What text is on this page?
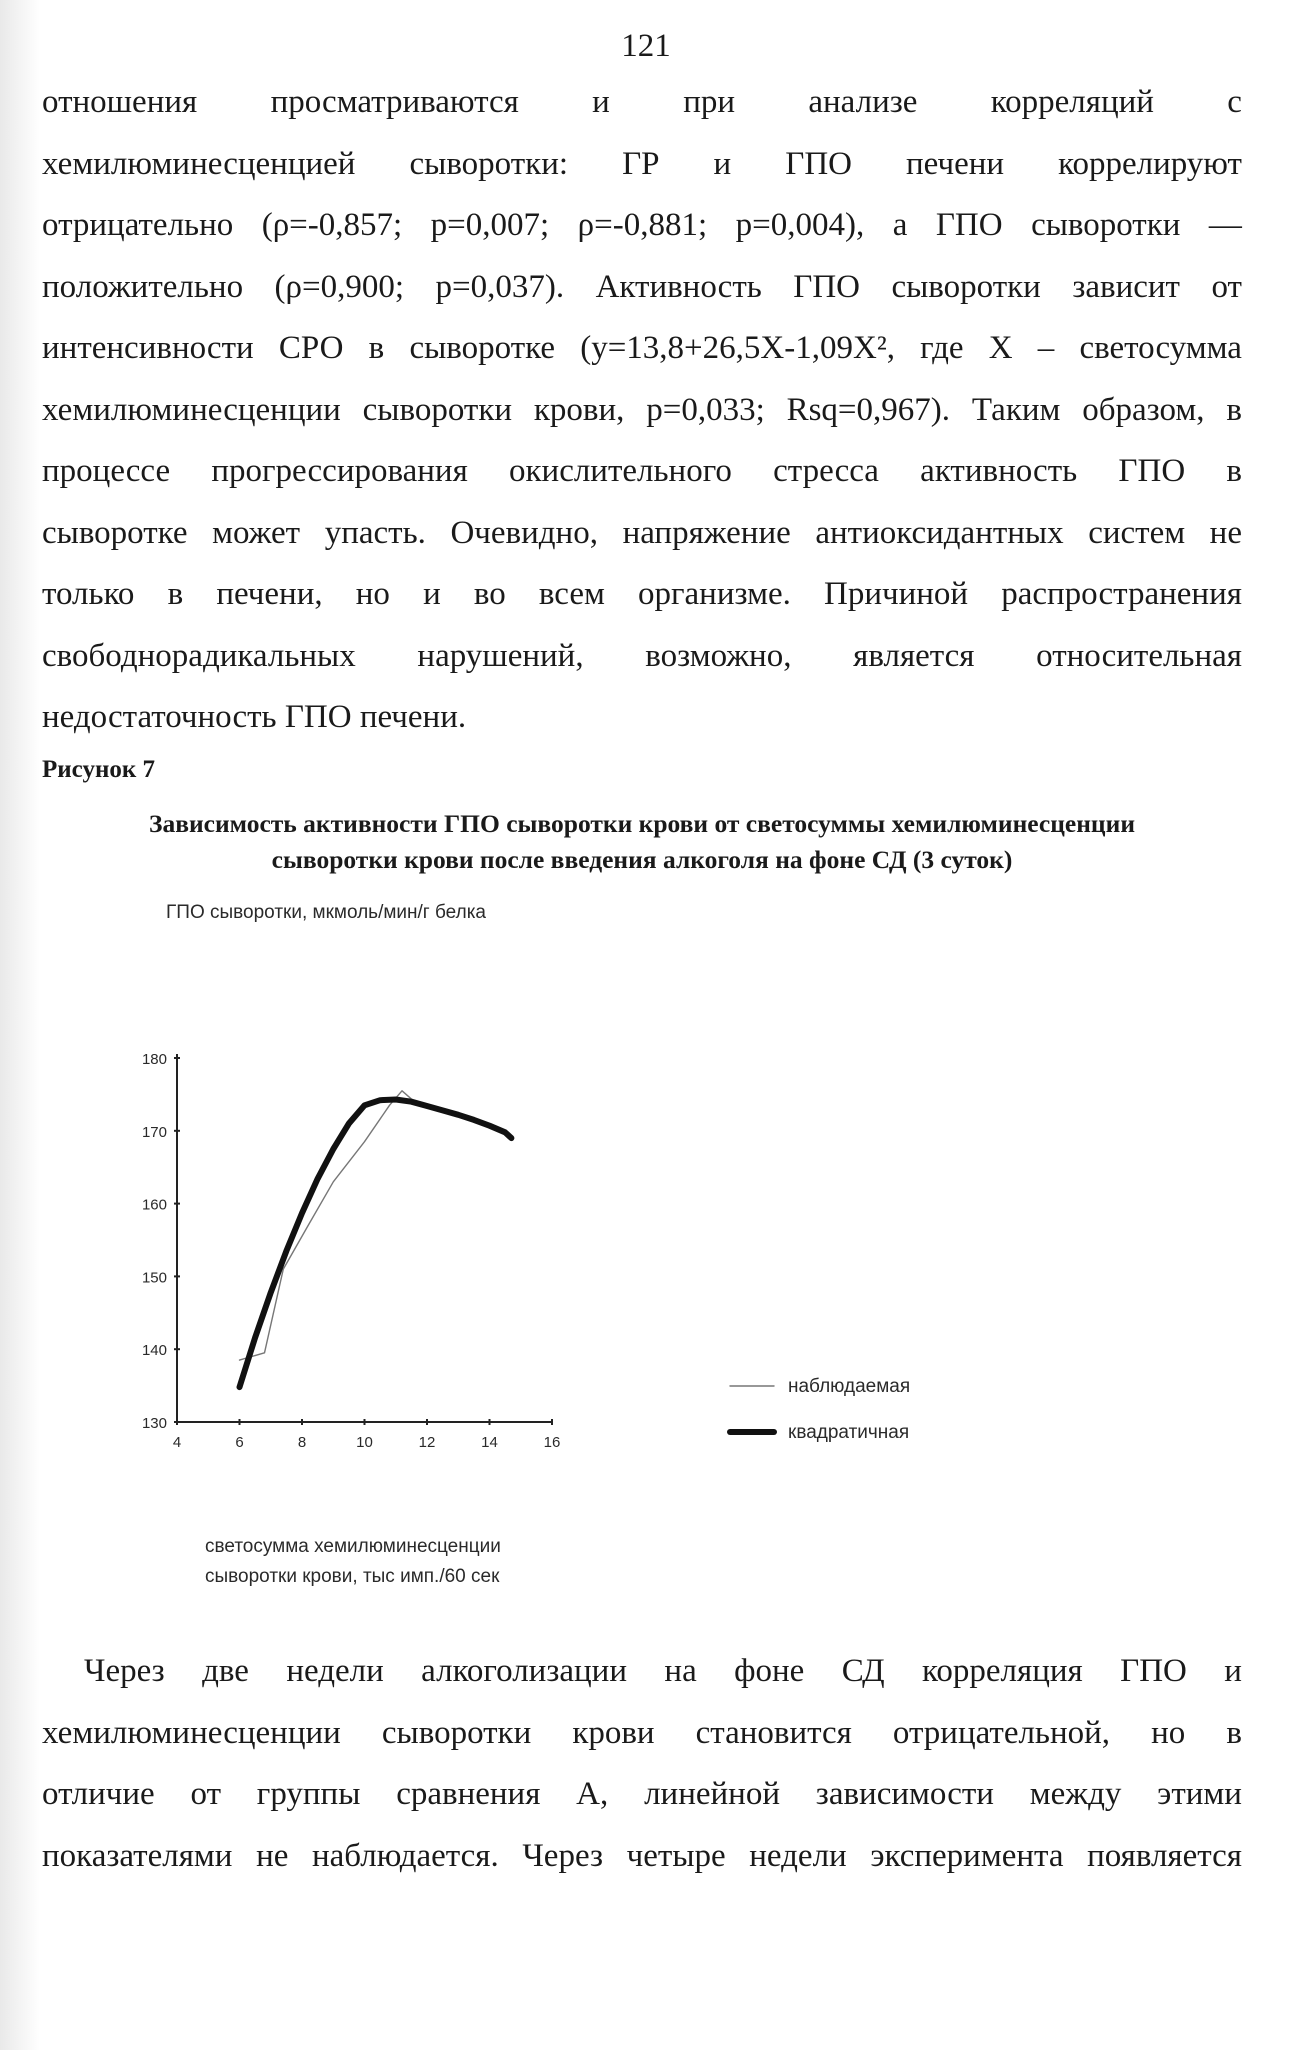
121
отношения просматриваются и при анализе корреляций с
хемилюминесценцией сыворотки: ГР и ГПО печени коррелируют
отрицательно (ρ=-0,857; p=0,007; ρ=-0,881; p=0,004), а ГПО сыворотки —
положительно (ρ=0,900; p=0,037). Активность ГПО сыворотки зависит от
интенсивности СРО в сыворотке (y=13,8+26,5X-1,09X², где X – светосумма
хемилюминесценции сыворотки крови, p=0,033; Rsq=0,967). Таким образом, в
процессе прогрессирования окислительного стресса активность ГПО в
сыворотке может упасть. Очевидно, напряжение антиоксидантных систем не
только в печени, но и во всем организме. Причиной распространения
свободнорадикальных нарушений, возможно, является относительная
недостаточность ГПО печени.
Рисунок 7
Зависимость активности ГПО сыворотки крови от светосуммы хемилюминесценции
сыворотки крови после введения алкоголя на фоне СД (3 суток)
ГПО сыворотки, мкмоль/мин/г белка
130
140
150
160
170
180
4	6	8	10	12	14	16
наблюдаемая
квадратичная
светосумма хемилюминесценции
сыворотки крови, тыс имп./60 сек
Через две недели алкоголизации на фоне СД корреляция ГПО и
хемилюминесценции сыворотки крови становится отрицательной, но в
отличие от группы сравнения А, линейной зависимости между этими
показателями не наблюдается. Через четыре недели эксперимента появляется
